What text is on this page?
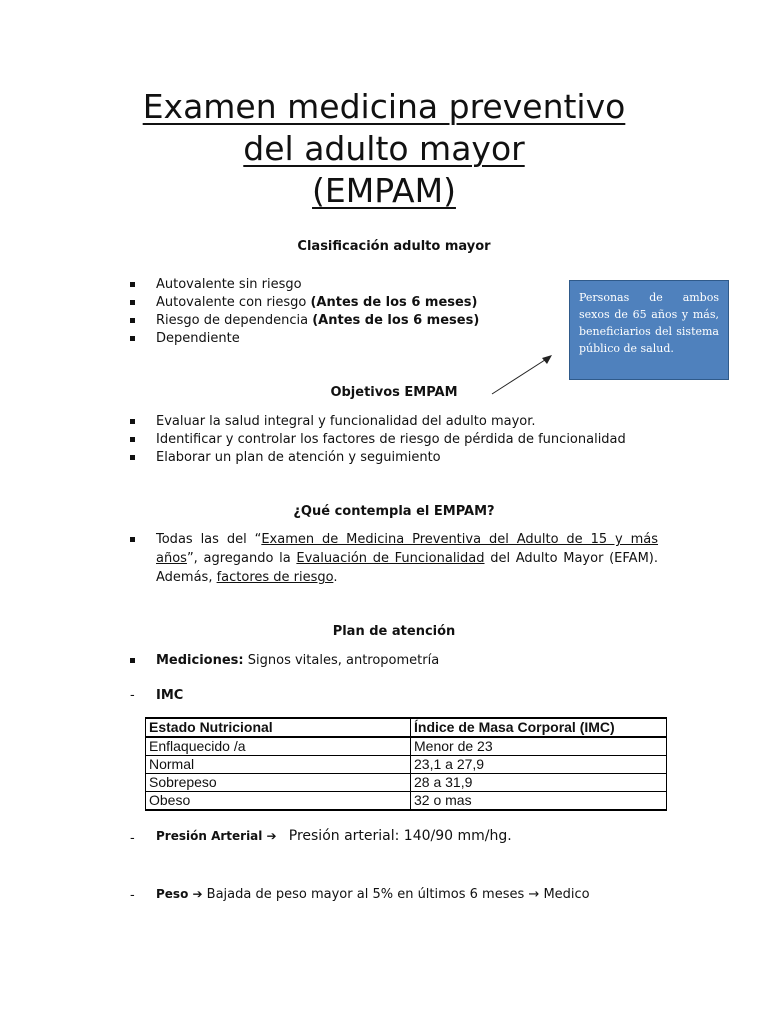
Examen medicina preventivo
del adulto mayor
(EMPAM)
Clasificación adulto mayor
Autovalente sin riesgo
Autovalente con riesgo (Antes de los 6 meses)
Riesgo de dependencia (Antes de los 6 meses)
Dependiente
Personas de ambos sexos de 65 años y más, beneficiarios del sistema público de salud.
Objetivos EMPAM
Evaluar la salud integral y funcionalidad del adulto mayor.
Identificar y controlar los factores de riesgo de pérdida de funcionalidad
Elaborar un plan de atención y seguimiento
¿Qué contempla el EMPAM?
Todas las del “Examen de Medicina Preventiva del Adulto de 15 y más años”, agregando la Evaluación de Funcionalidad del Adulto Mayor (EFAM). Además, factores de riesgo.
Plan de atención
Mediciones: Signos vitales, antropometría
- IMC
Estado Nutricional	Índice de Masa Corporal (IMC)
Enflaquecido /a	Menor de 23
Normal	23,1 a 27,9
Sobrepeso	28 a 31,9
Obeso	32 o mas
- Presión Arterial ➔ Presión arterial: 140/90 mm/hg.
- Peso ➔ Bajada de peso mayor al 5% en últimos 6 meses → Medico
